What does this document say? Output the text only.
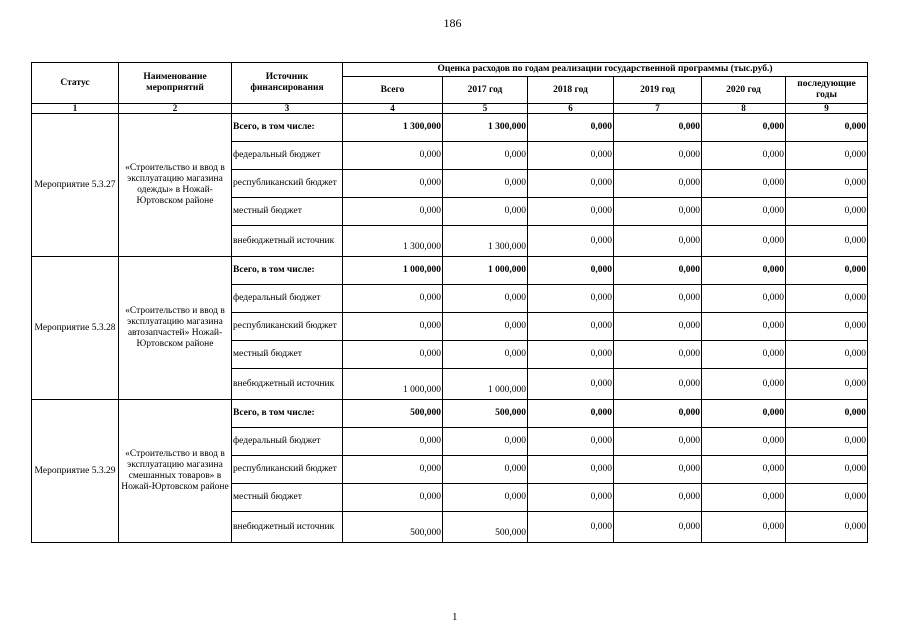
186
Статус	Наименование мероприятий	Источник финансирования	Оценка расходов по годам реализации государственной программы (тыс.руб.)					
			Всего	2017 год	2018 год	2019 год	2020 год	последующие годы
1	2	3	4	5	6	7	8	9
Мероприятие 5.3.27	«Строительство и ввод в эксплуатацию магазина одежды» в Ножай-Юртовском районе	Всего, в том числе:	1 300,000	1 300,000	0,000	0,000	0,000	0,000
		федеральный бюджет	0,000	0,000	0,000	0,000	0,000	0,000
		республиканский бюджет	0,000	0,000	0,000	0,000	0,000	0,000
		местный бюджет	0,000	0,000	0,000	0,000	0,000	0,000
		внебюджетный источник	1 300,000	1 300,000	0,000	0,000	0,000	0,000
Мероприятие 5.3.28	«Строительство и ввод в эксплуатацию магазина автозапчастей» Ножай-Юртовском районе	Всего, в том числе:	1 000,000	1 000,000	0,000	0,000	0,000	0,000
		федеральный бюджет	0,000	0,000	0,000	0,000	0,000	0,000
		республиканский бюджет	0,000	0,000	0,000	0,000	0,000	0,000
		местный бюджет	0,000	0,000	0,000	0,000	0,000	0,000
		внебюджетный источник	1 000,000	1 000,000	0,000	0,000	0,000	0,000
Мероприятие 5.3.29	«Строительство и ввод в эксплуатацию магазина смешанных товаров» в Ножай-Юртовском районе	Всего, в том числе:	500,000	500,000	0,000	0,000	0,000	0,000
		федеральный бюджет	0,000	0,000	0,000	0,000	0,000	0,000
		республиканский бюджет	0,000	0,000	0,000	0,000	0,000	0,000
		местный бюджет	0,000	0,000	0,000	0,000	0,000	0,000
		внебюджетный источник	500,000	500,000	0,000	0,000	0,000	0,000
1
